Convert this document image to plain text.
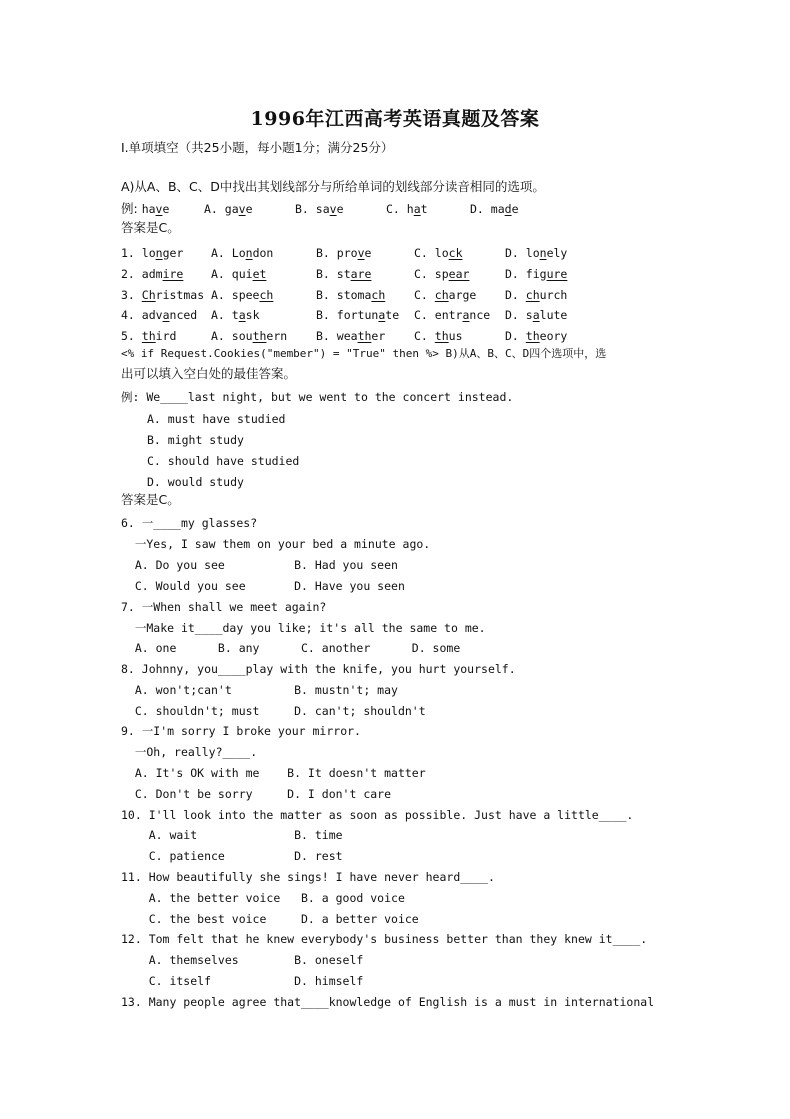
1996年江西高考英语真题及答案
Ⅰ.单项填空（共25小题，每小题1分；满分25分）
A)从A、B、C、D中找出其划线部分与所给单词的划线部分读音相同的选项。
例: have	A. gave	B. save	C. hat	D. made
答案是C。
1. longer A. London	B. prove	C. lock	D. lonely
2. admire A. quiet	B. stare	C. spear	D. figure
3. Christmas A. speech	B. stomach C. charge D. church
4. advanced A. task	B. fortunate C. entrance D. salute
5. third	A. southern	B. weather C. thus	D. theory
<% if Request.Cookies("member") = "True" then %> B)从A、B、C、D四个选项中，选
出可以填入空白处的最佳答案。
例: We____last night, but we went to the concert instead.
A. must have studied
B. might study
C. should have studied
D. would study
答案是C。
6. 一____my glasses?
一Yes, I saw them on your bed a minute ago.
A. Do you see          B. Had you seen
C. Would you see       D. Have you seen
7. 一When shall we meet again?
一Make it____day you like; it's all the same to me.
A. one      B. any      C. another      D. some
8. Johnny, you____play with the knife, you hurt yourself.
A. won't;can't         B. mustn't; may
C. shouldn't; must     D. can't; shouldn't
9. 一I'm sorry I broke your mirror.
一Oh, really?____.
A. It's OK with me    B. It doesn't matter
C. Don't be sorry     D. I don't care
10. I'll look into the matter as soon as possible. Just have a little____.
A. wait              B. time
C. patience          D. rest
11. How beautifully she sings! I have never heard____.
A. the better voice   B. a good voice
C. the best voice     D. a better voice
12. Tom felt that he knew everybody's business better than they knew it____.
A. themselves        B. oneself
C. itself            D. himself
13. Many people agree that____knowledge of English is a must in international
